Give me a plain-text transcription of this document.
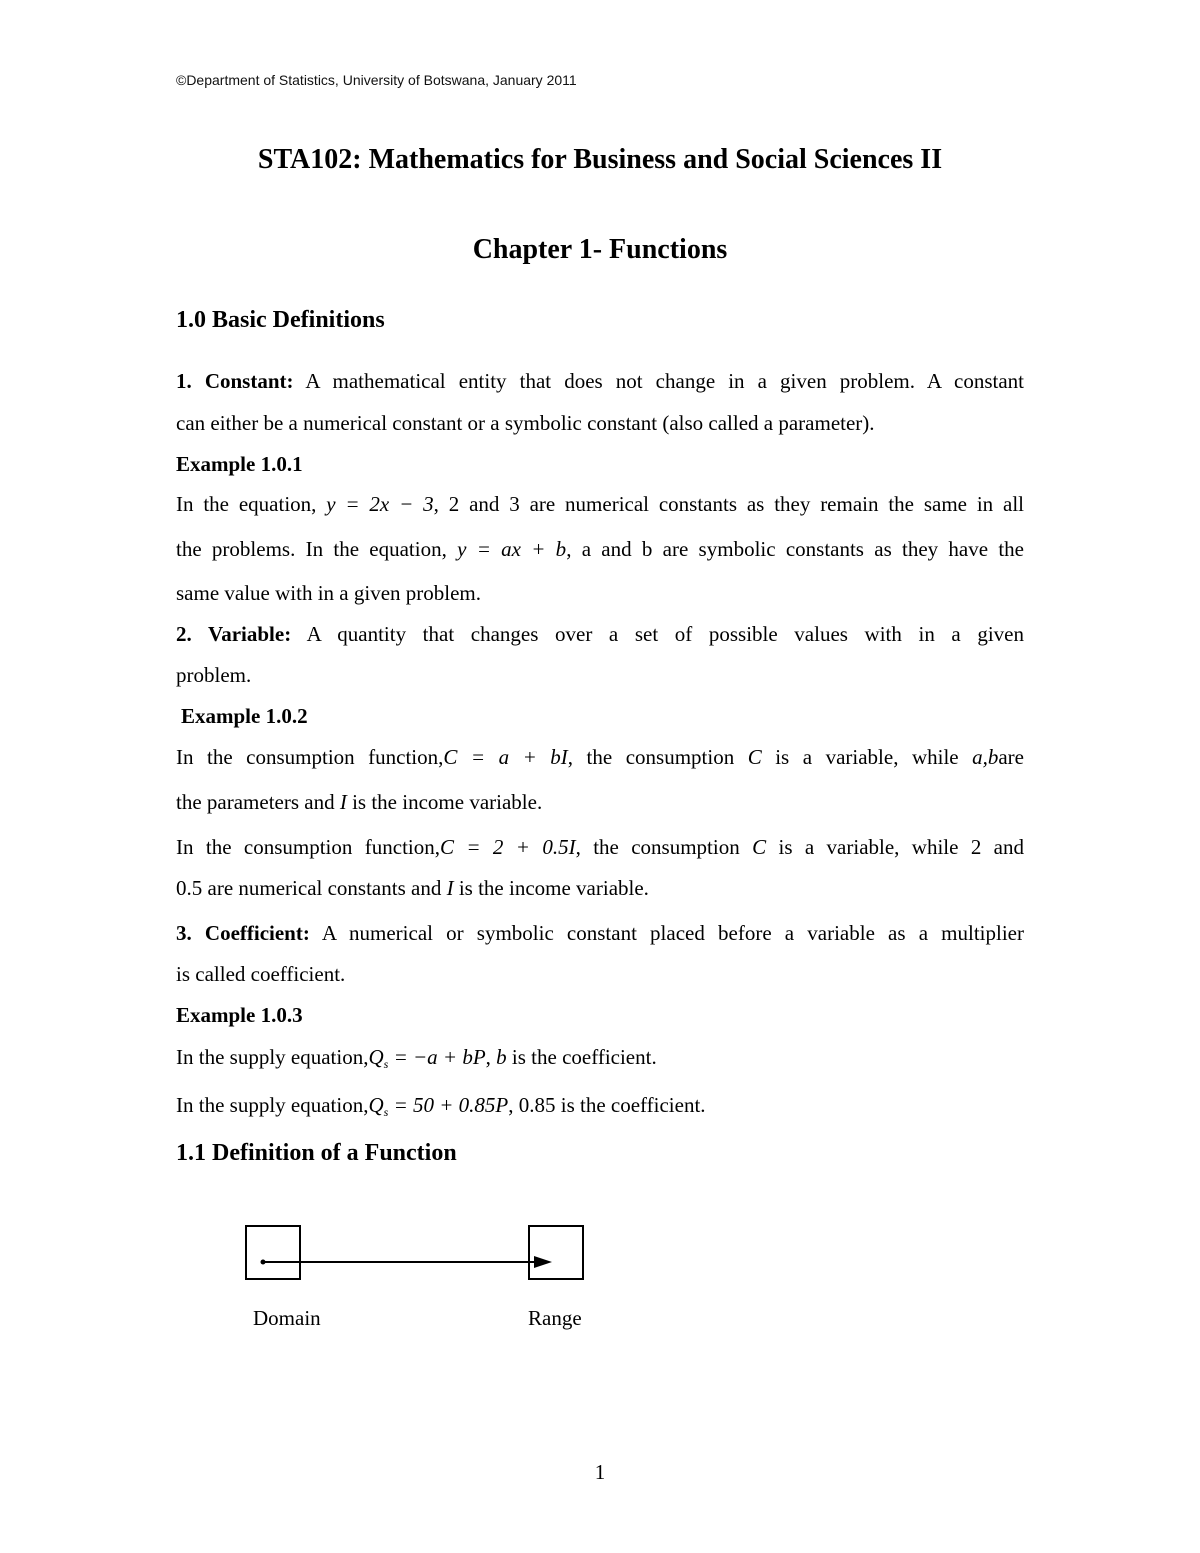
©Department of Statistics, University of Botswana, January 2011
STA102: Mathematics for Business and Social Sciences II
Chapter 1- Functions
1.0 Basic Definitions
1. Constant: A mathematical entity that does not change in a given problem. A constant
can either be a numerical constant or a symbolic constant (also called a parameter).
Example 1.0.1
In the equation, y = 2x − 3, 2 and 3 are numerical constants as they remain the same in all
the problems. In the equation, y = ax + b, a and b are symbolic constants as they have the
same value with in a given problem.
2. Variable: A quantity that changes over a set of possible values with in a given
problem.
Example 1.0.2
In the consumption function,C = a + bI, the consumption C is a variable, while a,bare
the parameters and I is the income variable.
In the consumption function,C = 2 + 0.5I, the consumption C is a variable, while 2 and
0.5 are numerical constants and I is the income variable.
3. Coefficient: A numerical or symbolic constant placed before a variable as a multiplier
is called coefficient.
Example 1.0.3
In the supply $equation,Q_s = -a$ + bP, b is the coefficient.
In the supply $equation,Q_s = 50 + 0.85P$, 0.85 is the coefficient.
1.1 Definition of a Function
Domain	Range
1
